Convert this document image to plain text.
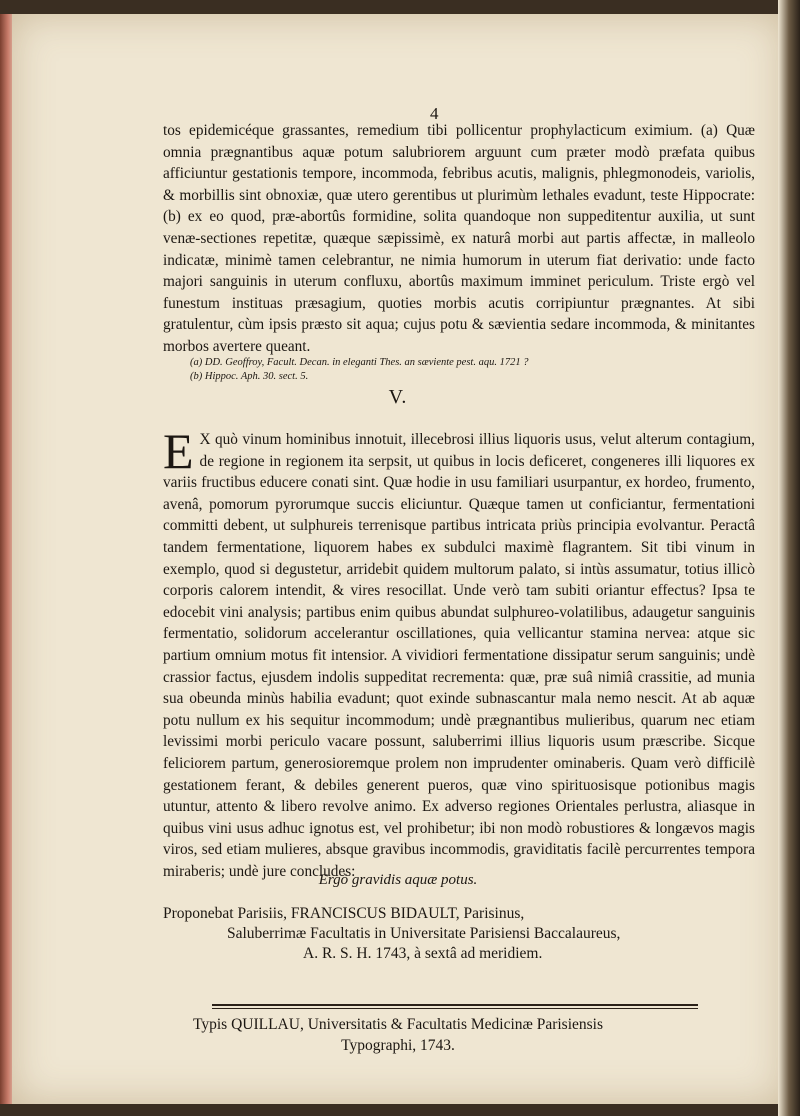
4

tos epidemicéque grassantes, remedium tibi pollicentur prophylacticum eximium. (a) Quæ omnia prægnantibus aquæ potum salubriorem arguunt cum præter modò præfata quibus afficiuntur gestationis tempore, incommoda, febribus acutis, malignis, phlegmonodeis, variolis, & morbillis sint obnoxiæ, quæ utero gerentibus ut plurimùm lethales evadunt, teste Hippocrate: (b) ex eo quod, præ-abortûs formidine, solita quandoque non suppeditentur auxilia, ut sunt venæ-sectiones repetitæ, quæque sæpissimè, ex naturâ morbi aut partis affectæ, in malleolo indicatæ, minimè tamen celebrantur, ne nimia humorum in uterum fiat derivatio: unde facto majori sanguinis in uterum confluxu, abortûs maximum imminet periculum. Triste ergò vel funestum instituas præsagium, quoties morbis acutis corripiuntur prægnantes. At sibi gratulentur, cùm ipsis præsto sit aqua; cujus potu & sævientia sedare incommoda, & minitantes morbos avertere queant.

(a) DD. Geoffroy, Facult. Decan. in eleganti Thes. an sæviente pest. aqu. 1721 ?
(b) Hippoc. Aph. 30. sect. 5.
V.
E X quò vinum hominibus innotuit, illecebrosi illius liquoris usus, velut alterum contagium, de regione in regionem ita serpsit, ut quibus in locis deficeret, congeneres illi liquores ex variis fructibus educere conati sint. Quæ hodie in usu familiari usurpantur, ex hordeo, frumento, avenâ, pomorum pyrorumque succis eliciuntur. Quæque tamen ut conficiantur, fermentationi committi debent, ut sulphureis terrenisque partibus intricata priùs principia evolvantur. Peractâ tandem fermentatione, liquorem habes ex subdulci maximè flagrantem. Sit tibi vinum in exemplo, quod si degustetur, arridebit quidem multorum palato, si intùs assumatur, totius illicò corporis calorem intendit, & vires resocillat. Unde verò tam subiti oriantur effectus? Ipsa te edocebit vini analysis; partibus enim quibus abundat sulphureo-volatilibus, adaugetur sanguinis fermentatio, solidorum accelerantur oscillationes, quia vellicantur stamina nervea: atque sic partium omnium motus fit intensior. A vividiori fermentatione dissipatur serum sanguinis; undè crassior factus, ejusdem indolis suppeditat recrementa: quæ, præ suâ nimiâ crassitie, ad munia sua obeunda minùs habilia evadunt; quot exinde subnascantur mala nemo nescit. At ab aquæ potu nullum ex his sequitur incommodum; undè prægnantibus mulieribus, quarum nec etiam levissimi morbi periculo vacare possunt, saluberrimi illius liquoris usum præscribe. Sicque feliciorem partum, generosioremque prolem non imprudenter ominaberis. Quam verò difficilè gestationem ferant, & debiles generent pueros, quæ vino spirituosisque potionibus magis utuntur, attento & libero revolve animo. Ex adverso regiones Orientales perlustra, aliasque in quibus vini usus adhuc ignotus est, vel prohibetur; ibi non modò robustiores & longævos magis viros, sed etiam mulieres, absque gravibus incommodis, graviditatis facilè percurrentes tempora miraberis; undè jure concludes:

Ergò gravidis aquæ potus.
Proponebat Parisiis, FRANCISCUS BIDAULT, Parisinus,
Saluberrimæ Facultatis in Universitate Parisiensi Baccalaureus,
A. R. S. H. 1743, à sextâ ad meridiem.
Typis QUILLAU, Universitatis & Facultatis Medicinæ Parisiensis
Typographi, 1743.
